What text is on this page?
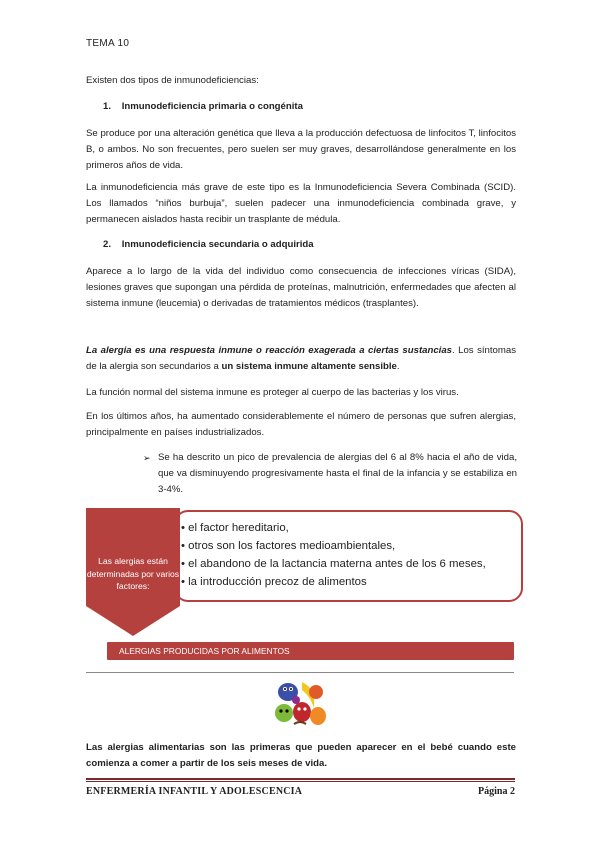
TEMA 10
Existen dos tipos de inmunodeficiencias:
1. Inmunodeficiencia primaria o congénita
Se produce por una alteración genética que lleva a la producción defectuosa de linfocitos T, linfocitos B, o ambos. No son frecuentes, pero suelen ser muy graves, desarrollándose generalmente en los primeros años de vida.
La inmunodeficiencia más grave de este tipo es la Inmunodeficiencia Severa Combinada (SCID). Los llamados “niños burbuja”, suelen padecer una inmunodeficiencia combinada grave, y permanecen aislados hasta recibir un trasplante de médula.
2. Inmunodeficiencia secundaria o adquirida
Aparece a lo largo de la vida del individuo como consecuencia de infecciones víricas (SIDA), lesiones graves que supongan una pérdida de proteínas, malnutrición, enfermedades que afecten al sistema inmune (leucemia) o derivadas de tratamientos médicos (trasplantes).
La alergia es una respuesta inmune o reacción exagerada a ciertas sustancias. Los síntomas de la alergia son secundarios a un sistema inmune altamente sensible.
La función normal del sistema inmune es proteger al cuerpo de las bacterias y los virus.
En los últimos años, ha aumentado considerablemente el número de personas que sufren alergias, principalmente en países industrializados.
➢ Se ha descrito un pico de prevalencia de alergias del 6 al 8% hacia el año de vida, que va disminuyendo progresivamente hasta el final de la infancia y se estabiliza en 3-4%.
Las alergias están determinadas por varios factores:
• el factor hereditario,
• otros son los factores medioambientales,
• el abandono de la lactancia materna antes de los 6 meses,
• la introducción precoz de alimentos
ALERGIAS PRODUCIDAS POR ALIMENTOS
Las alergias alimentarias son las primeras que pueden aparecer en el bebé cuando este comienza a comer a partir de los seis meses de vida.
ENFERMERÍA INFANTIL Y ADOLESCENCIA	Página 2
